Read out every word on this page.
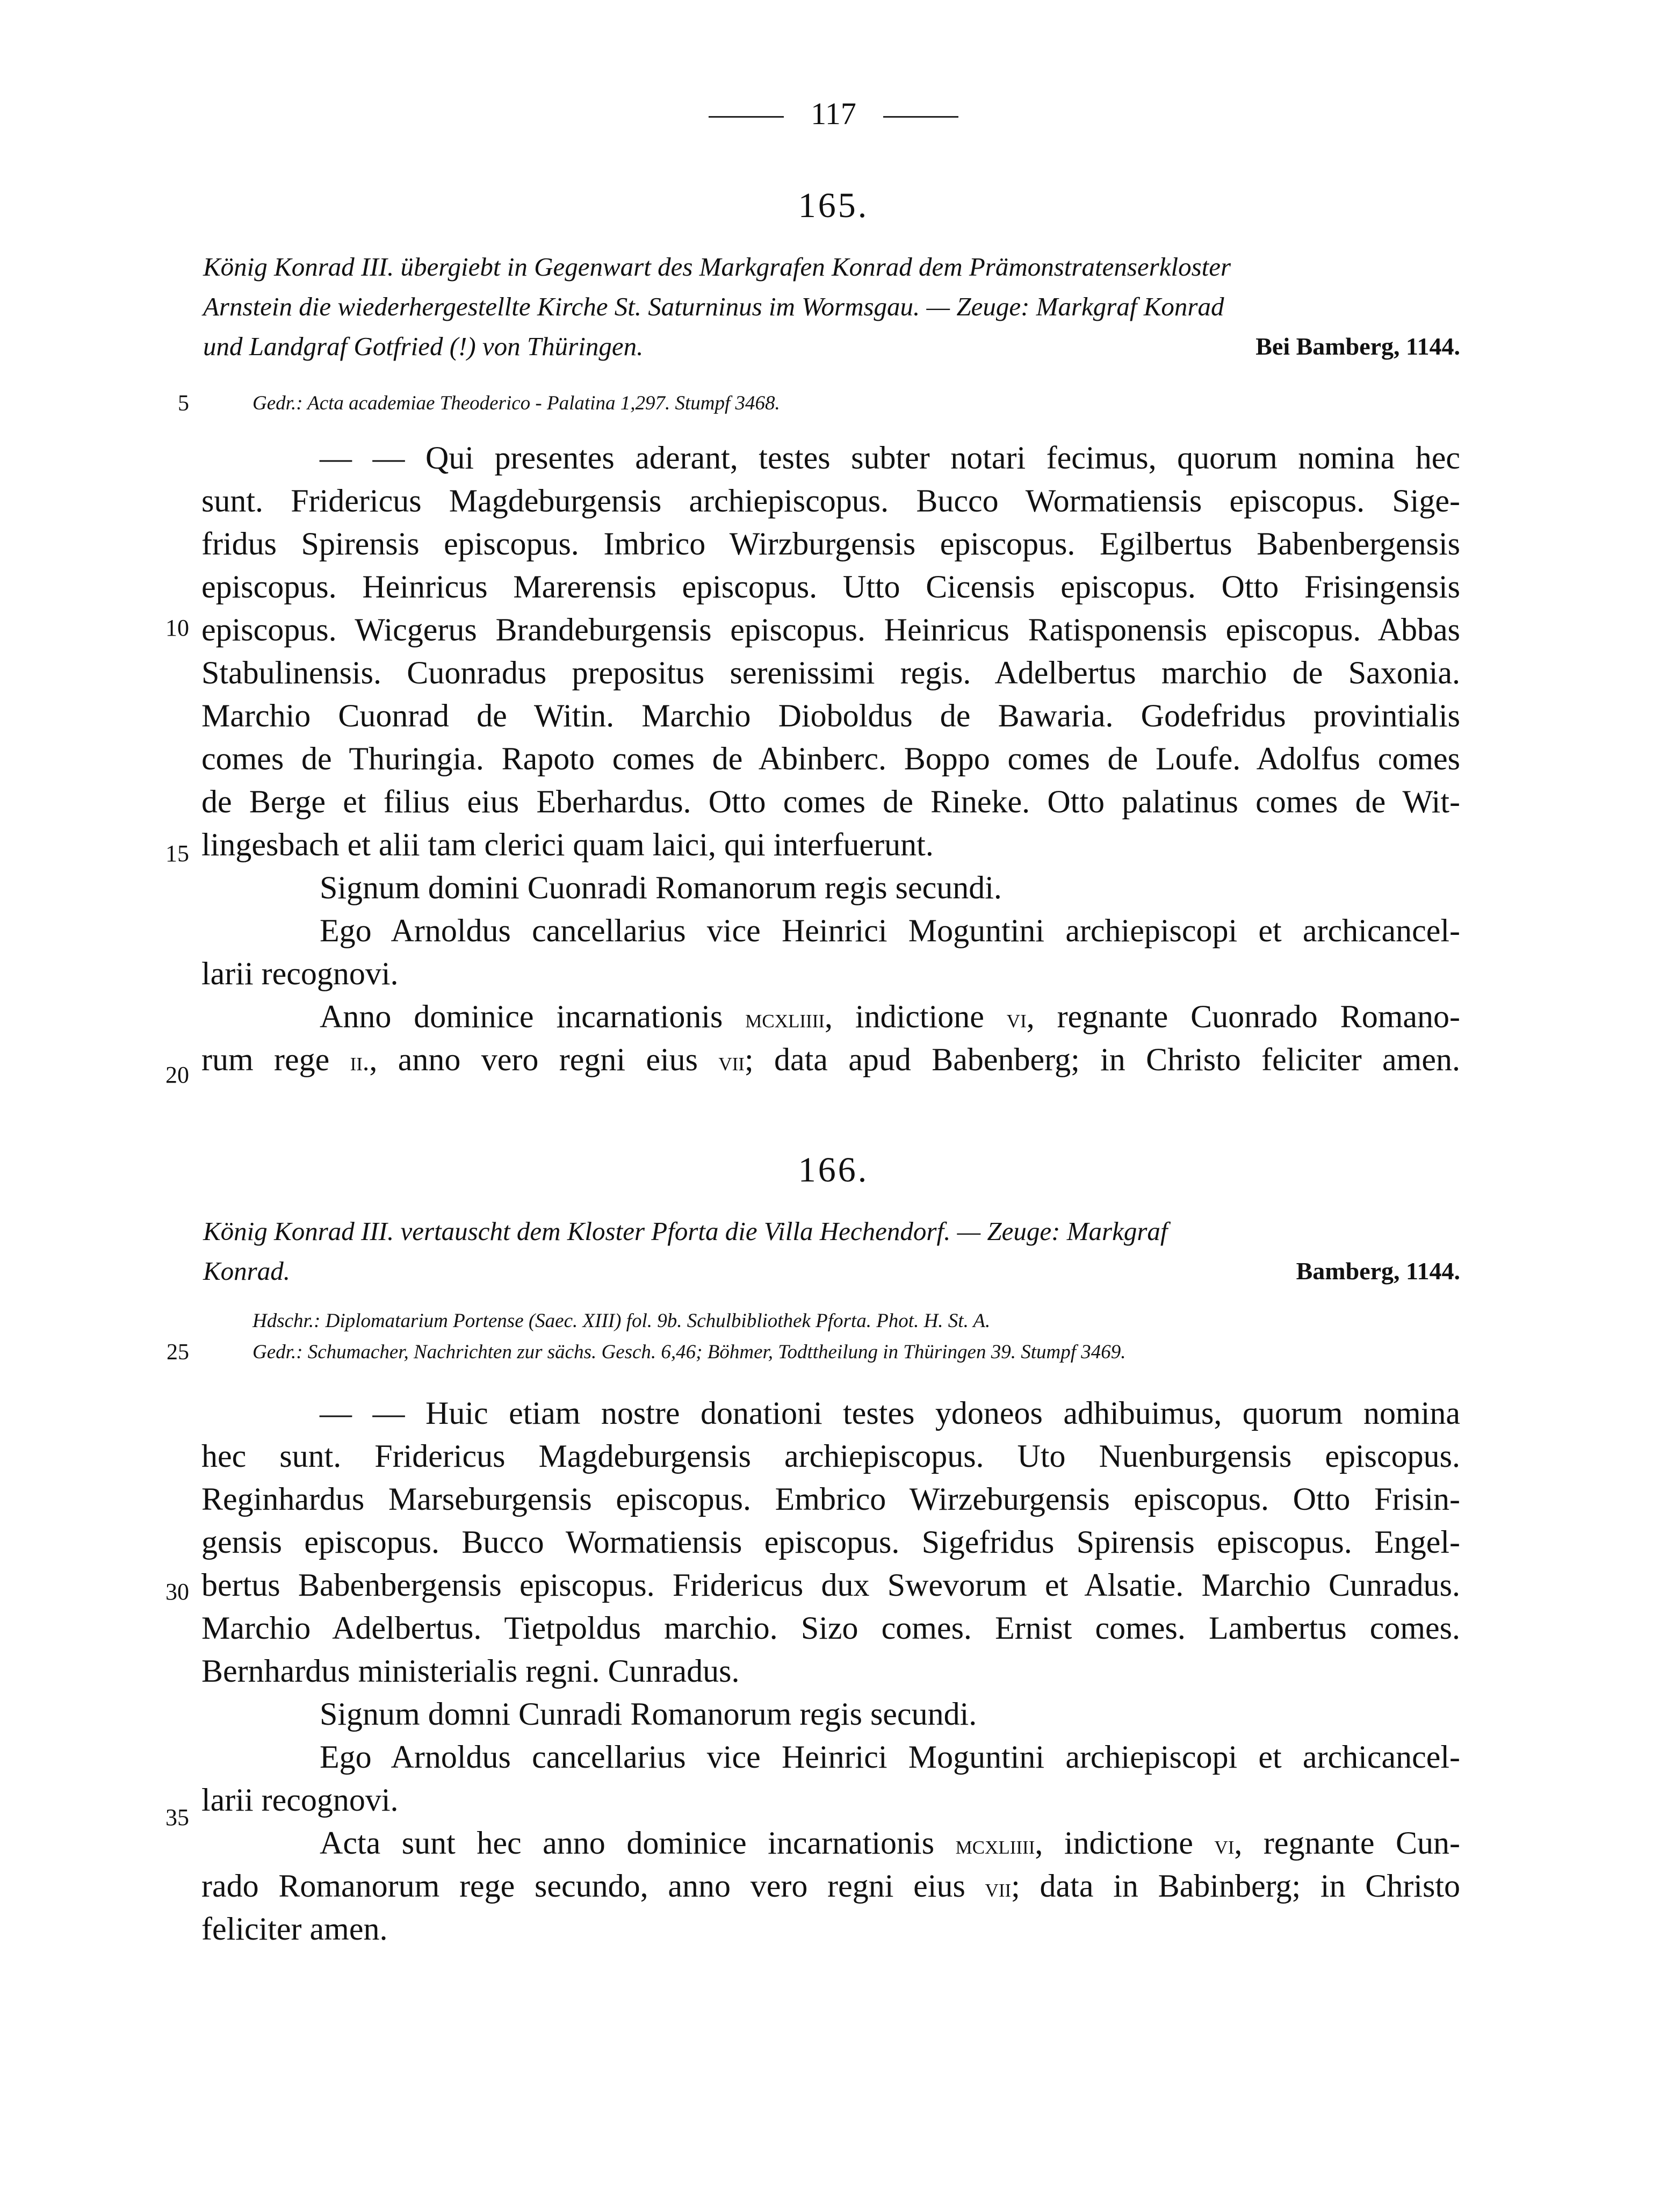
117
165.
König Konrad III. übergiebt in Gegenwart des Markgrafen Konrad dem Prämonstratenserkloster
Arnstein die wiederhergestellte Kirche St. Saturninus im Wormsgau. — Zeuge: Markgraf Konrad
und Landgraf Gotfried (!) von Thüringen.	Bei Bamberg, 1144.
5	Gedr.: Acta academiae Theoderico - Palatina 1,297. Stumpf 3468.
— — Qui presentes aderant, testes subter notari fecimus, quorum nomina hec
sunt. Fridericus Magdeburgensis archiepiscopus. Bucco Wormatiensis episcopus. Sige-
fridus Spirensis episcopus. Imbrico Wirzburgensis episcopus. Egilbertus Babenbergensis
episcopus. Heinricus Marerensis episcopus. Utto Cicensis episcopus. Otto Frisingensis
episcopus. Wicgerus Brandeburgensis episcopus. Heinricus Ratisponensis episcopus. Abbas
Stabulinensis. Cuonradus prepositus serenissimi regis. Adelbertus marchio de Saxonia.
Marchio Cuonrad de Witin. Marchio Dioboldus de Bawaria. Godefridus provintialis
comes de Thuringia. Rapoto comes de Abinberc. Boppo comes de Loufe. Adolfus comes
de Berge et filius eius Eberhardus. Otto comes de Rineke. Otto palatinus comes de Wit-
lingesbach et alii tam clerici quam laici, qui interfuerunt.
Signum domini Cuonradi Romanorum regis secundi.
Ego Arnoldus cancellarius vice Heinrici Moguntini archiepiscopi et archicancel-
larii recognovi.
Anno dominice incarnationis mcxliiii, indictione vi, regnante Cuonrado Romano-
rum rege ii., anno vero regni eius vii; data apud Babenberg; in Christo feliciter amen.
10
15
20
166.
König Konrad III. vertauscht dem Kloster Pforta die Villa Hechendorf. — Zeuge: Markgraf
Konrad.	Bamberg, 1144.
Hdschr.: Diplomatarium Portense (Saec. XIII) fol. 9b. Schulbibliothek Pforta. Phot. H. St. A.
Gedr.: Schumacher, Nachrichten zur sächs. Gesch. 6,46; Böhmer, Todttheilung in Thüringen 39. Stumpf 3469.
25
— — Huic etiam nostre donationi testes ydoneos adhibuimus, quorum nomina
hec sunt. Fridericus Magdeburgensis archiepiscopus. Uto Nuenburgensis episcopus.
Reginhardus Marseburgensis episcopus. Embrico Wirzeburgensis episcopus. Otto Frisin-
gensis episcopus. Bucco Wormatiensis episcopus. Sigefridus Spirensis episcopus. Engel-
bertus Babenbergensis episcopus. Fridericus dux Swevorum et Alsatie. Marchio Cunradus.
Marchio Adelbertus. Tietpoldus marchio. Sizo comes. Ernist comes. Lambertus comes.
Bernhardus ministerialis regni. Cunradus.
Signum domni Cunradi Romanorum regis secundi.
Ego Arnoldus cancellarius vice Heinrici Moguntini archiepiscopi et archicancel-
larii recognovi.
Acta sunt hec anno dominice incarnationis mcxliiii, indictione vi, regnante Cun-
rado Romanorum rege secundo, anno vero regni eius vii; data in Babinberg; in Christo
feliciter amen.
30
35
